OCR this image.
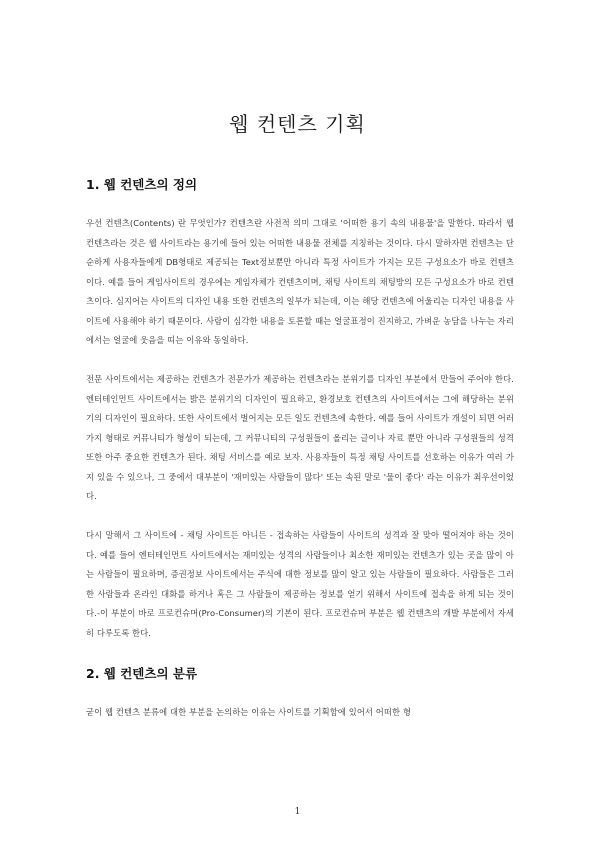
웹 컨텐츠 기획
1. 웹 컨텐츠의 정의

우선 컨텐츠(Contents) 란 무엇인가? 컨텐츠란 사전적 의미 그대로 '어떠한 용기 속의 내용물'을 말한다. 따라서 웹 컨텐츠라는 것은 웹 사이트라는 용기에 들어 있는 어떠한 내용물 전체를 지칭하는 것이다. 다시 말하자면 컨텐츠는 단순하게 사용자들에게 DB형태로 제공되는 Text정보뿐만 아니라 특정 사이트가 가지는 모든 구성요소가 바로 컨텐츠 이다. 예를 들어 게임사이트의 경우에는 게임자체가 컨텐츠이며, 채팅 사이트의 채팅방의 모든 구성요소가 바로 컨텐츠이다. 심지어는 사이트의 디자인 내용 또한 컨텐츠의 일부가 되는데, 이는 해당 컨텐츠에 어울리는 디자인 내용을 사이트에 사용해야 하기 때문이다. 사람이 심각한 내용을 토론할 때는 얼굴표정이 진지하고, 가벼운 농담을 나누는 자리에서는 얼굴에 웃음을 띠는 이유와 동일하다.

전문 사이트에서는 제공하는 컨텐츠가 전문가가 제공하는 컨텐츠라는 분위기를 디자인 부분에서 만들어 주어야 한다. 엔터테인먼트 사이트에서는 밝은 분위기의 디자인이 필요하고, 환경보호 컨텐츠의 사이트에서는 그에 해당하는 분위기의 디자인이 필요하다. 또한 사이트에서 벌어지는 모든 일도 컨텐츠에 속한다. 예를 들어 사이트가 개설이 되면 어러 가지 형태로 커뮤니티가 형성이 되는데, 그 커뮤니티의 구성원들이 올리는 글이나 자료 뿐만 아니라 구성원들의 성격 또한 아주 중요한 컨텐츠가 된다. 채팅 서비스를 예로 보자. 사용자들이 특정 채팅 사이트를 선호하는 이유가 여러 가지 있을 수 있으나, 그 중에서 대부분이 '재미있는 사람들이 많다' 또는 속된 말로 '물이 좋다' 라는 이유가 최우선이었다.

다시 말해서 그 사이트에 - 채팅 사이트든 아니든 - 접속하는 사람들이 사이트의 성격과 잘 맞아 떨어져야 하는 것이다. 예를 들어 엔터테인먼트 사이트에서는 재미있는 성격의 사람들이나 최소한 재미있는 컨텐츠가 있는 곳을 많이 아는 사람들이 필요하며, 증권정보 사이트에서는 주식에 대한 정보를 많이 알고 있는 사람들이 필요하다. 사람들은 그러한 사람들과 온라인 대화를 하거나 혹은 그 사람들이 제공하는 정보를 얻기 위해서 사이트에 접속을 하게 되는 것이다.-이 부분이 바로 프로컨슈머(Pro-Consumer)의 기본이 된다. 프로컨슈머 부분은 웹 컨텐츠의 개발 부분에서 자세히 다루도록 한다.

2. 웹 컨텐츠의 분류

굳이 웹 컨텐츠 분류에 대한 부분을 논의하는 이유는 사이트를 기획함에 있어서 어떠한 형

1
